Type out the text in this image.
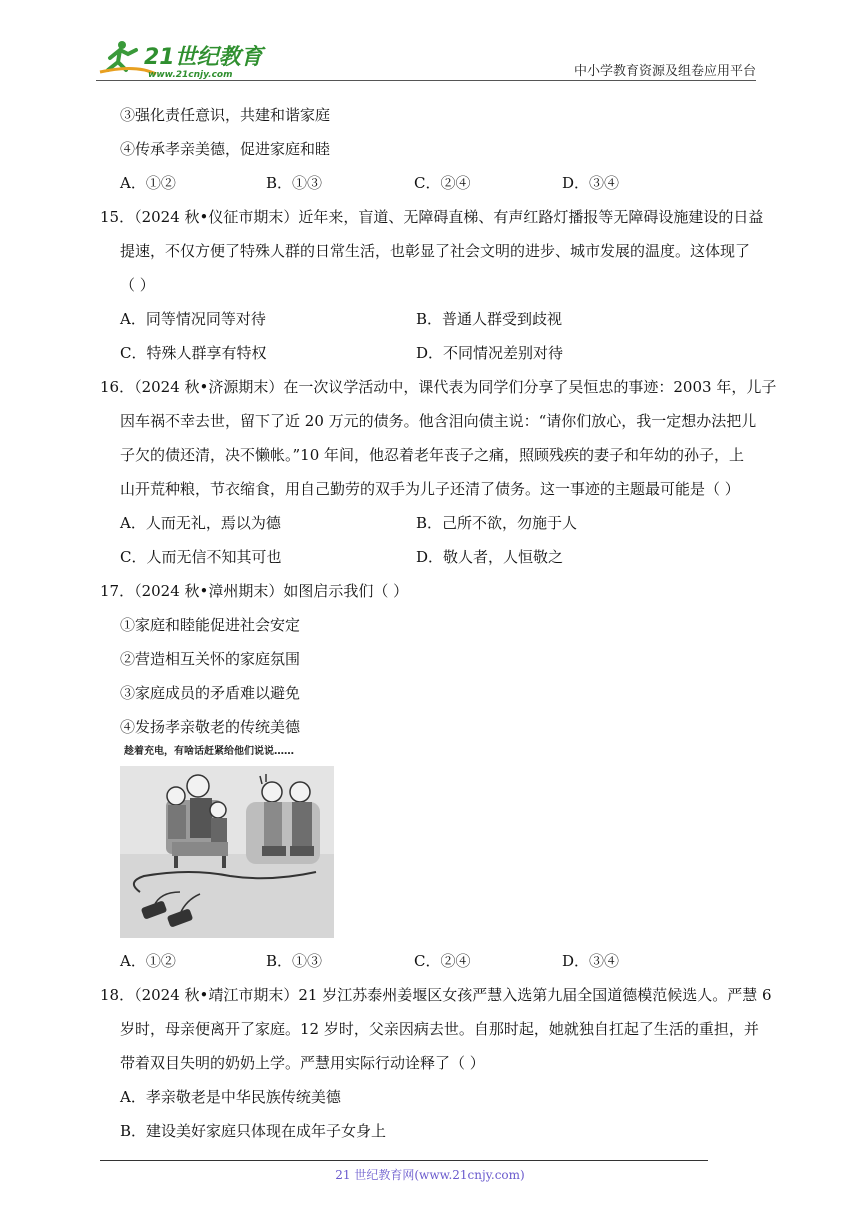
21世纪教育
www.21cnjy.com	中小学教育资源及组卷应用平台
③强化责任意识，共建和谐家庭
④传承孝亲美德，促进家庭和睦
A．①②	B．①③	C．②④	D．③④
15．（2024 秋•仪征市期末）近年来，盲道、无障碍直梯、有声红路灯播报等无障碍设施建设的日益
提速，不仅方便了特殊人群的日常生活，也彰显了社会文明的进步、城市发展的温度。这体现了
（ ）
A．同等情况同等对待	B．普通人群受到歧视
C．特殊人群享有特权	D．不同情况差别对待
16．（2024 秋•济源期末）在一次议学活动中，课代表为同学们分享了吴恒忠的事迹：2003 年，儿子
因车祸不幸去世，留下了近 20 万元的债务。他含泪向债主说：“请你们放心，我一定想办法把儿
子欠的债还清，决不懒帐。”10 年间，他忍着老年丧子之痛，照顾残疾的妻子和年幼的孙子，上
山开荒种粮，节衣缩食，用自己勤劳的双手为儿子还清了债务。这一事迹的主题最可能是（ ）
A．人而无礼，焉以为德	B．己所不欲，勿施于人
C．人而无信不知其可也	D．敬人者，人恒敬之
17．（2024 秋•漳州期末）如图启示我们（ ）
①家庭和睦能促进社会安定
②营造相互关怀的家庭氛围
③家庭成员的矛盾难以避免
④发扬孝亲敬老的传统美德
趁着充电，有啥话赶紧给他们说说……
A．①②	B．①③	C．②④	D．③④
18．（2024 秋•靖江市期末）21 岁江苏泰州姜堰区女孩严慧入选第九届全国道德模范候选人。严慧 6
岁时，母亲便离开了家庭。12 岁时，父亲因病去世。自那时起，她就独自扛起了生活的重担，并
带着双目失明的奶奶上学。严慧用实际行动诠释了（ ）
A．孝亲敬老是中华民族传统美德
B．建设美好家庭只体现在成年子女身上
21 世纪教育网(www.21cnjy.com)
